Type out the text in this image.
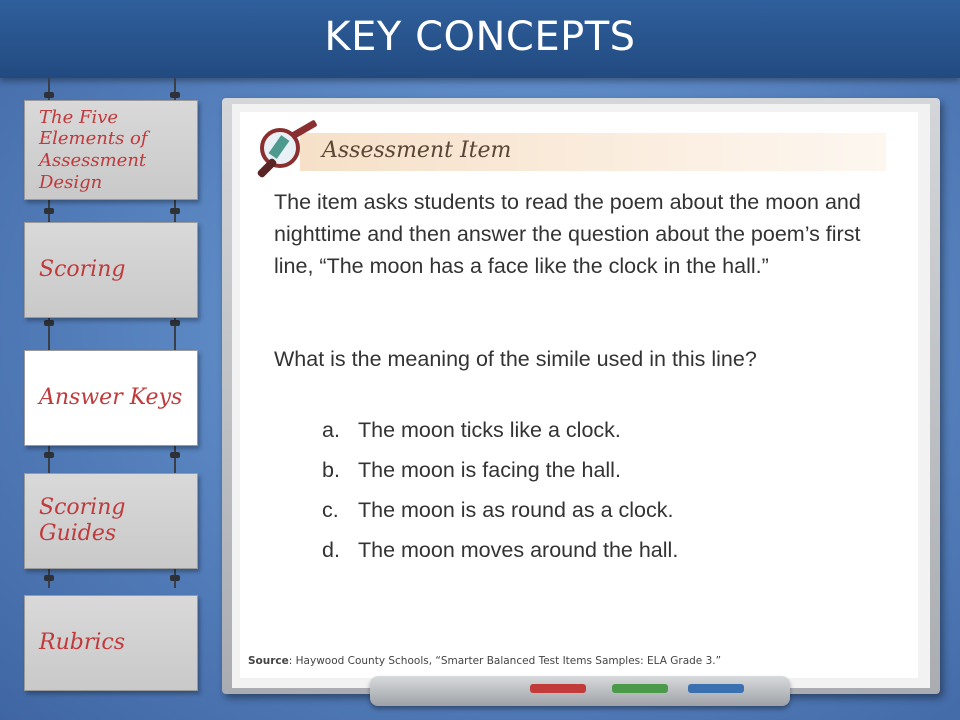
KEY CONCEPTS
The Five Elements of
Assessment Design
Scoring
Answer Keys
Scoring Guides
Rubrics
Assessment Item
The item asks students to read the poem about the moon and nighttime and then answer the question about the poem’s first line, “The moon has a face like the clock in the hall.”
What is the meaning of the simile used in this line?
a. The moon ticks like a clock.
b. The moon is facing the hall.
c. The moon is as round as a clock.
d. The moon moves around the hall.
Source: Haywood County Schools, “Smarter Balanced Test Items Samples: ELA Grade 3.”
